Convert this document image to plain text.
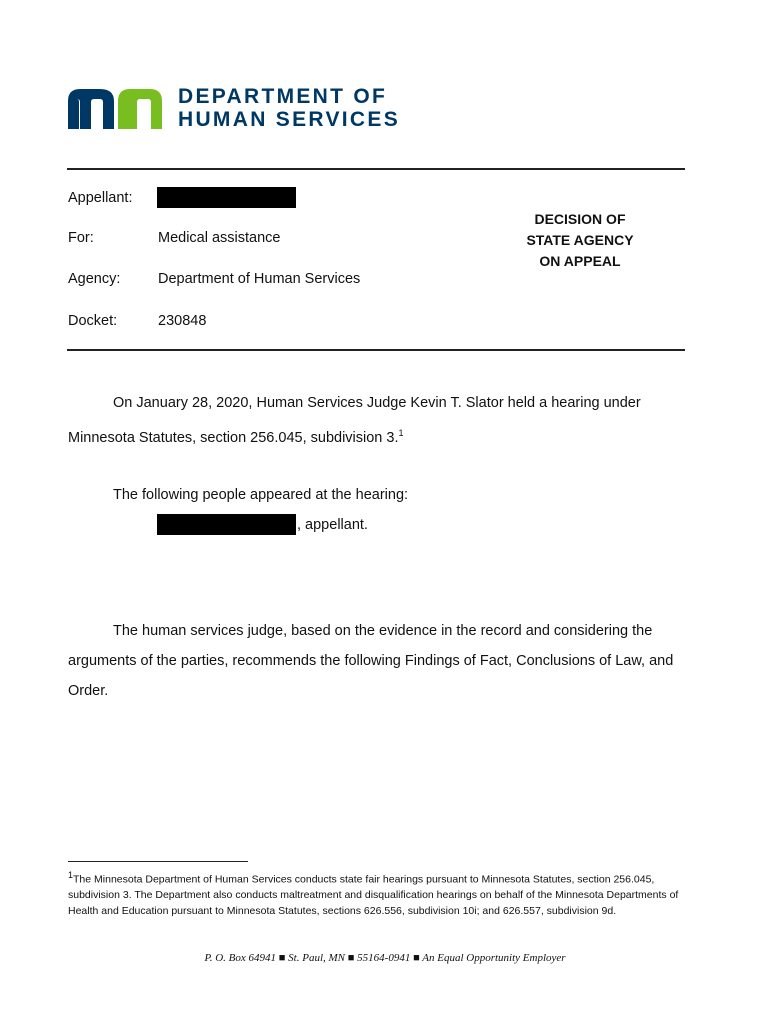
DEPARTMENT OF
HUMAN SERVICES
Appellant:
For:	Medical assistance
Agency:	Department of Human Services
Docket:	230848
DECISION OF
STATE AGENCY
ON APPEAL
On January 28, 2020, Human Services Judge Kevin T. Slator held a hearing under Minnesota Statutes, section 256.045, subdivision 3.$^1$
The following people appeared at the hearing:
, appellant.
The human services judge, based on the evidence in the record and considering the arguments of the parties, recommends the following Findings of Fact, Conclusions of Law, and Order.
$^1$The Minnesota Department of Human Services conducts state fair hearings pursuant to Minnesota Statutes, section 256.045, subdivision 3. The Department also conducts maltreatment and disqualification hearings on behalf of the Minnesota Departments of Health and Education pursuant to Minnesota Statutes, sections 626.556, subdivision 10i; and 626.557, subdivision 9d.
P. O. Box 64941 ■ St. Paul, MN ■ 55164-0941 ■ An Equal Opportunity Employer
